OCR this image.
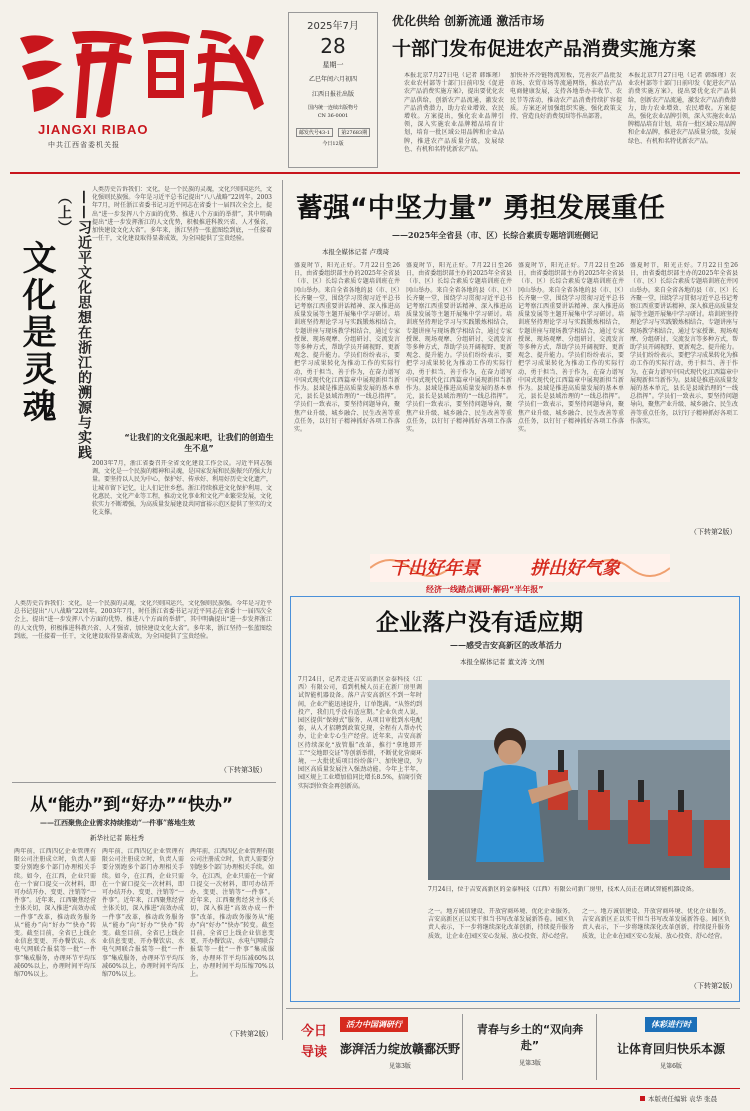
JIANGXI RIBAO
中共江西省委机关报
2025年7月
28
星期一
乙巳年闰六月初四
江西日报社出版
国内统一连续出版物号
CN 36-0001
邮发代号43-1 第27683期
今日12版
优化供给 创新流通 激活市场
十部门发布促进农产品消费实施方案
本报北京7月27日电（记者 韩维瑾）农业农村部等十部门日前印发《促进农产品消费实施方案》，提出要优化农产品供给，创新农产品流通，激发农产品消费潜力，助力农业增效、农民增收。方案提出，强化农业品牌引领，深入实施农业品牌精品培育计划，培育一批区域公用品牌和企业品牌，推进农产品质量分级，发展绿色、有机和名特优新农产品。
加快补齐冷链物流短板，完善农产品批发市场、农贸市场等流通网络，推动农产品电商健康发展，支持各地举办丰收节、农民节等活动，推动农产品消费持续扩容提质。方案还对加强组织实施、强化政策支持、营造良好消费氛围等作出部署。
本报北京7月27日电（记者 韩维瑾）农业农村部等十部门日前印发《促进农产品消费实施方案》，提出要优化农产品供给，创新农产品流通，激发农产品消费潜力，助力农业增效、农民增收。方案提出，强化农业品牌引领，深入实施农业品牌精品培育计划，培育一批区域公用品牌和企业品牌，推进农产品质量分级，发展绿色、有机和名特优新农产品。
——习近平文化思想在浙江的溯源与实践（上）
文化是灵魂
人类历史告诉我们：文化，是一个民族的灵魂，文化兴则国运兴，文化强则民族强。今年是习近平总书记提出“八八战略”22周年。2003年7月，时任浙江省委书记习近平同志在省委十一届四次全会上，提出“进一步发挥八个方面的优势、推进八个方面的举措”，其中明确提出“进一步发挥浙江的人文优势，积极推进科教兴省、人才强省，加快建设文化大省”。多年来，浙江坚持一张蓝图绘到底，一任接着一任干，文化建设取得显著成效，为全国提供了宝贵经验。
“让我们的文化强起来吧，让我们的创造生生不息”
2003年7月，浙江省委召开全省文化建设工作会议。习近平同志强调，文化是一个民族的精神和灵魂，是国家发展和民族振兴的强大力量。要坚持以人民为中心，保护好、传承好、利用好历史文化遗产，让城市留下记忆，让人们记住乡愁。浙江持续推进文化保护利用、文化惠民、文化产业等工程，推动文化事业和文化产业繁荣发展，文化软实力不断增强，为高质量发展建设共同富裕示范区提供了坚实的文化支撑。
人类历史告诉我们：文化，是一个民族的灵魂，文化兴则国运兴，文化强则民族强。今年是习近平总书记提出“八八战略”22周年。2003年7月，时任浙江省委书记习近平同志在省委十一届四次全会上，提出“进一步发挥八个方面的优势、推进八个方面的举措”，其中明确提出“进一步发挥浙江的人文优势，积极推进科教兴省、人才强省，加快建设文化大省”。多年来，浙江坚持一张蓝图绘到底，一任接着一任干，文化建设取得显著成效，为全国提供了宝贵经验。
（下转第3版）
从“能办”到“好办”“快办”
——江西聚焦企业需求持续推动“一件事”落地生效
新华社记者 陈桂秀
两年前，江西四亿企业管理有限公司注册成立时，负责人需要分别跑多个部门办理相关手续。如今，在江西，企业只需在一个窗口提交一次材料，即可办结开办、变更、注销等“一件事”。近年来，江西聚焦经营主体关切，深入推进“高效办成一件事”改革，推动政务服务从“能办”向“好办”“快办”转变。截至目前，全省已上线企业信息变更、开办餐饮店、水电气网联合报装等一批“一件事”集成服务，办理环节平均压减60%以上，办理时间平均压缩70%以上。
两年前，江西四亿企业管理有限公司注册成立时，负责人需要分别跑多个部门办理相关手续。如今，在江西，企业只需在一个窗口提交一次材料，即可办结开办、变更、注销等“一件事”。近年来，江西聚焦经营主体关切，深入推进“高效办成一件事”改革，推动政务服务从“能办”向“好办”“快办”转变。截至目前，全省已上线企业信息变更、开办餐饮店、水电气网联合报装等一批“一件事”集成服务，办理环节平均压减60%以上，办理时间平均压缩70%以上。
两年前，江西四亿企业管理有限公司注册成立时，负责人需要分别跑多个部门办理相关手续。如今，在江西，企业只需在一个窗口提交一次材料，即可办结开办、变更、注销等“一件事”。近年来，江西聚焦经营主体关切，深入推进“高效办成一件事”改革，推动政务服务从“能办”向“好办”“快办”转变。截至目前，全省已上线企业信息变更、开办餐饮店、水电气网联合报装等一批“一件事”集成服务，办理环节平均压减60%以上，办理时间平均压缩70%以上。
（下转第2版）
蓄强“中坚力量” 勇担发展重任
——2025年全省县（市、区）长综合素质专题培训班侧记
本报全媒体记者 卢璞琦
盛夏时节，阳光正好。7月22日至26日，由省委组织部主办的2025年全省县（市、区）长综合素质专题培训班在井冈山举办。来自全省各地的县（市、区）长齐聚一堂，围绕学习贯彻习近平总书记考察江西重要讲话精神、深入推进高质量发展等主题开展集中学习研讨。培训班坚持理论学习与实践锻炼相结合，专题讲座与现场教学相结合，通过专家授课、现场观摩、分组研讨、交流发言等多种方式，帮助学员开阔视野、更新观念、提升能力。学员们纷纷表示，要把学习成果转化为推动工作的实际行动，勇于担当、善于作为，在奋力谱写中国式现代化江西篇章中展现新担当新作为。县域是推进高质量发展的基本单元，县长是县域治理的“一线总指挥”。学员们一致表示，要坚持问题导向，聚焦产业升级、城乡融合、民生改善等重点任务，以钉钉子精神抓好各项工作落实。
盛夏时节，阳光正好。7月22日至26日，由省委组织部主办的2025年全省县（市、区）长综合素质专题培训班在井冈山举办。来自全省各地的县（市、区）长齐聚一堂，围绕学习贯彻习近平总书记考察江西重要讲话精神、深入推进高质量发展等主题开展集中学习研讨。培训班坚持理论学习与实践锻炼相结合，专题讲座与现场教学相结合，通过专家授课、现场观摩、分组研讨、交流发言等多种方式，帮助学员开阔视野、更新观念、提升能力。学员们纷纷表示，要把学习成果转化为推动工作的实际行动，勇于担当、善于作为，在奋力谱写中国式现代化江西篇章中展现新担当新作为。县域是推进高质量发展的基本单元，县长是县域治理的“一线总指挥”。学员们一致表示，要坚持问题导向，聚焦产业升级、城乡融合、民生改善等重点任务，以钉钉子精神抓好各项工作落实。
盛夏时节，阳光正好。7月22日至26日，由省委组织部主办的2025年全省县（市、区）长综合素质专题培训班在井冈山举办。来自全省各地的县（市、区）长齐聚一堂，围绕学习贯彻习近平总书记考察江西重要讲话精神、深入推进高质量发展等主题开展集中学习研讨。培训班坚持理论学习与实践锻炼相结合，专题讲座与现场教学相结合，通过专家授课、现场观摩、分组研讨、交流发言等多种方式，帮助学员开阔视野、更新观念、提升能力。学员们纷纷表示，要把学习成果转化为推动工作的实际行动，勇于担当、善于作为，在奋力谱写中国式现代化江西篇章中展现新担当新作为。县域是推进高质量发展的基本单元，县长是县域治理的“一线总指挥”。学员们一致表示，要坚持问题导向，聚焦产业升级、城乡融合、民生改善等重点任务，以钉钉子精神抓好各项工作落实。
盛夏时节，阳光正好。7月22日至26日，由省委组织部主办的2025年全省县（市、区）长综合素质专题培训班在井冈山举办。来自全省各地的县（市、区）长齐聚一堂，围绕学习贯彻习近平总书记考察江西重要讲话精神、深入推进高质量发展等主题开展集中学习研讨。培训班坚持理论学习与实践锻炼相结合，专题讲座与现场教学相结合，通过专家授课、现场观摩、分组研讨、交流发言等多种方式，帮助学员开阔视野、更新观念、提升能力。学员们纷纷表示，要把学习成果转化为推动工作的实际行动，勇于担当、善于作为，在奋力谱写中国式现代化江西篇章中展现新担当新作为。县域是推进高质量发展的基本单元，县长是县域治理的“一线总指挥”。学员们一致表示，要坚持问题导向，聚焦产业升级、城乡融合、民生改善等重点任务，以钉钉子精神抓好各项工作落实。
（下转第2版）
干出好年景	拼出好气象
经济一线踏点调研·解码“半年报”
企业落户没有适应期
——感受吉安高新区的改革活力
本报全媒体记者 董文涛 文/图
7月24日，记者走进吉安高新区金泰科技（江西）有限公司，看到机械人员正在新厂房里调试智能机器设备。落户吉安高新区不到一年时间，企业产能迅速提升，订单饱满。“从签约到投产，我们几乎没有适应期。”企业负责人说，园区提供“保姆式”服务，从项目审批到水电配套，从人才招聘到政策兑现，全程有人帮办代办，让企业专心生产经营。近年来，吉安高新区持续深化“放管服”改革，推行“拿地即开工”“交地即交证”等创新举措，不断优化营商环境，一大批优质项目纷纷落户、加快建设，为园区高质量发展注入强劲动能。今年上半年，园区规上工业增加值同比增长8.5%，招商引资实际到位资金再创新高。
7月24日，位于吉安高新区的金泰科技（江西）有限公司新厂房里，技术人员正在调试智能机器设备。
之一。地方诚信建设、开放营商环境、优化企业服务，吉安高新区正以实干担当书写改革发展新答卷。园区负责人表示，下一步将继续深化改革创新，持续提升服务质效，让企业在园区安心发展、放心投资、舒心经营。
之一。地方诚信建设、开放营商环境、优化企业服务，吉安高新区正以实干担当书写改革发展新答卷。园区负责人表示，下一步将继续深化改革创新，持续提升服务质效，让企业在园区安心发展、放心投资、舒心经营。
（下转第2版）
今日
导读
活力中国调研行
澎湃活力绽放赣鄱沃野
见第3版
青春与乡土的“双向奔赴”
见第3版
体彩进行时
让体育回归快乐本源
见第6版
本版责任编辑 袁华 张晨
